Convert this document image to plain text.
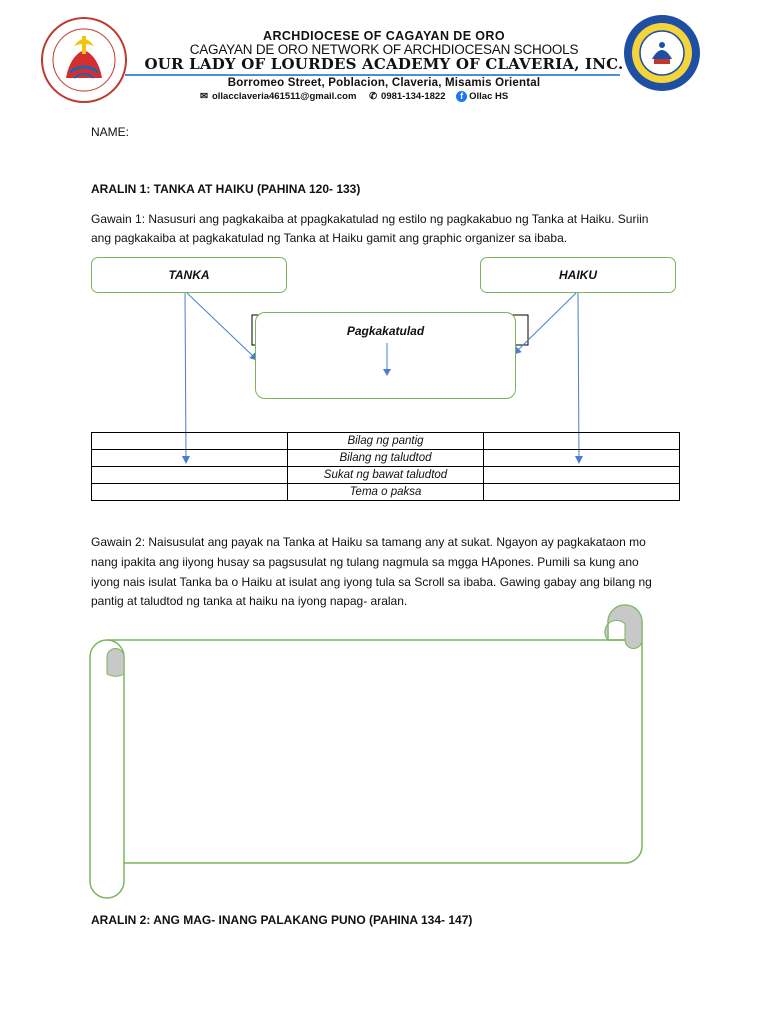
ARCHDIOCESE OF CAGAYAN DE ORO
CAGAYAN DE ORO NETWORK OF ARCHDIOCESAN SCHOOLS
OUR LADY OF LOURDES ACADEMY OF CLAVERIA, INC.
Borromeo Street, Poblacion, Claveria, Misamis Oriental
✉ ollacclaveria461511@gmail.com ✆ 0981-134-1822 f Ollac HS
NAME:
ARALIN 1: TANKA AT HAIKU (PAHINA 120- 133)
Gawain 1: Nasusuri ang pagkakaiba at ppagkakatulad ng estilo ng pagkakabuo ng Tanka at Haiku. Suriin
ang pagkakaiba at pagkakatulad ng Tanka at Haiku gamit ang graphic organizer sa ibaba.
TANKA	HAIKU
Pagkakatulad
	Bilag ng pantig	
	Bilang ng taludtod	
	Sukat ng bawat taludtod	
	Tema o paksa	
Gawain 2: Naisusulat ang payak na Tanka at Haiku sa tamang any at sukat. Ngayon ay pagkakataon mo
nang ipakita ang iiyong husay sa pagsusulat ng tulang nagmula sa mgga HApones. Pumili sa kung ano
iyong nais isulat Tanka ba o Haiku at isulat ang iyong tula sa Scroll sa ibaba. Gawing gabay ang bilang ng
pantig at taludtod ng tanka at haiku na iyong napag- aralan.
ARALIN 2: ANG MAG- INANG PALAKANG PUNO (PAHINA 134- 147)
